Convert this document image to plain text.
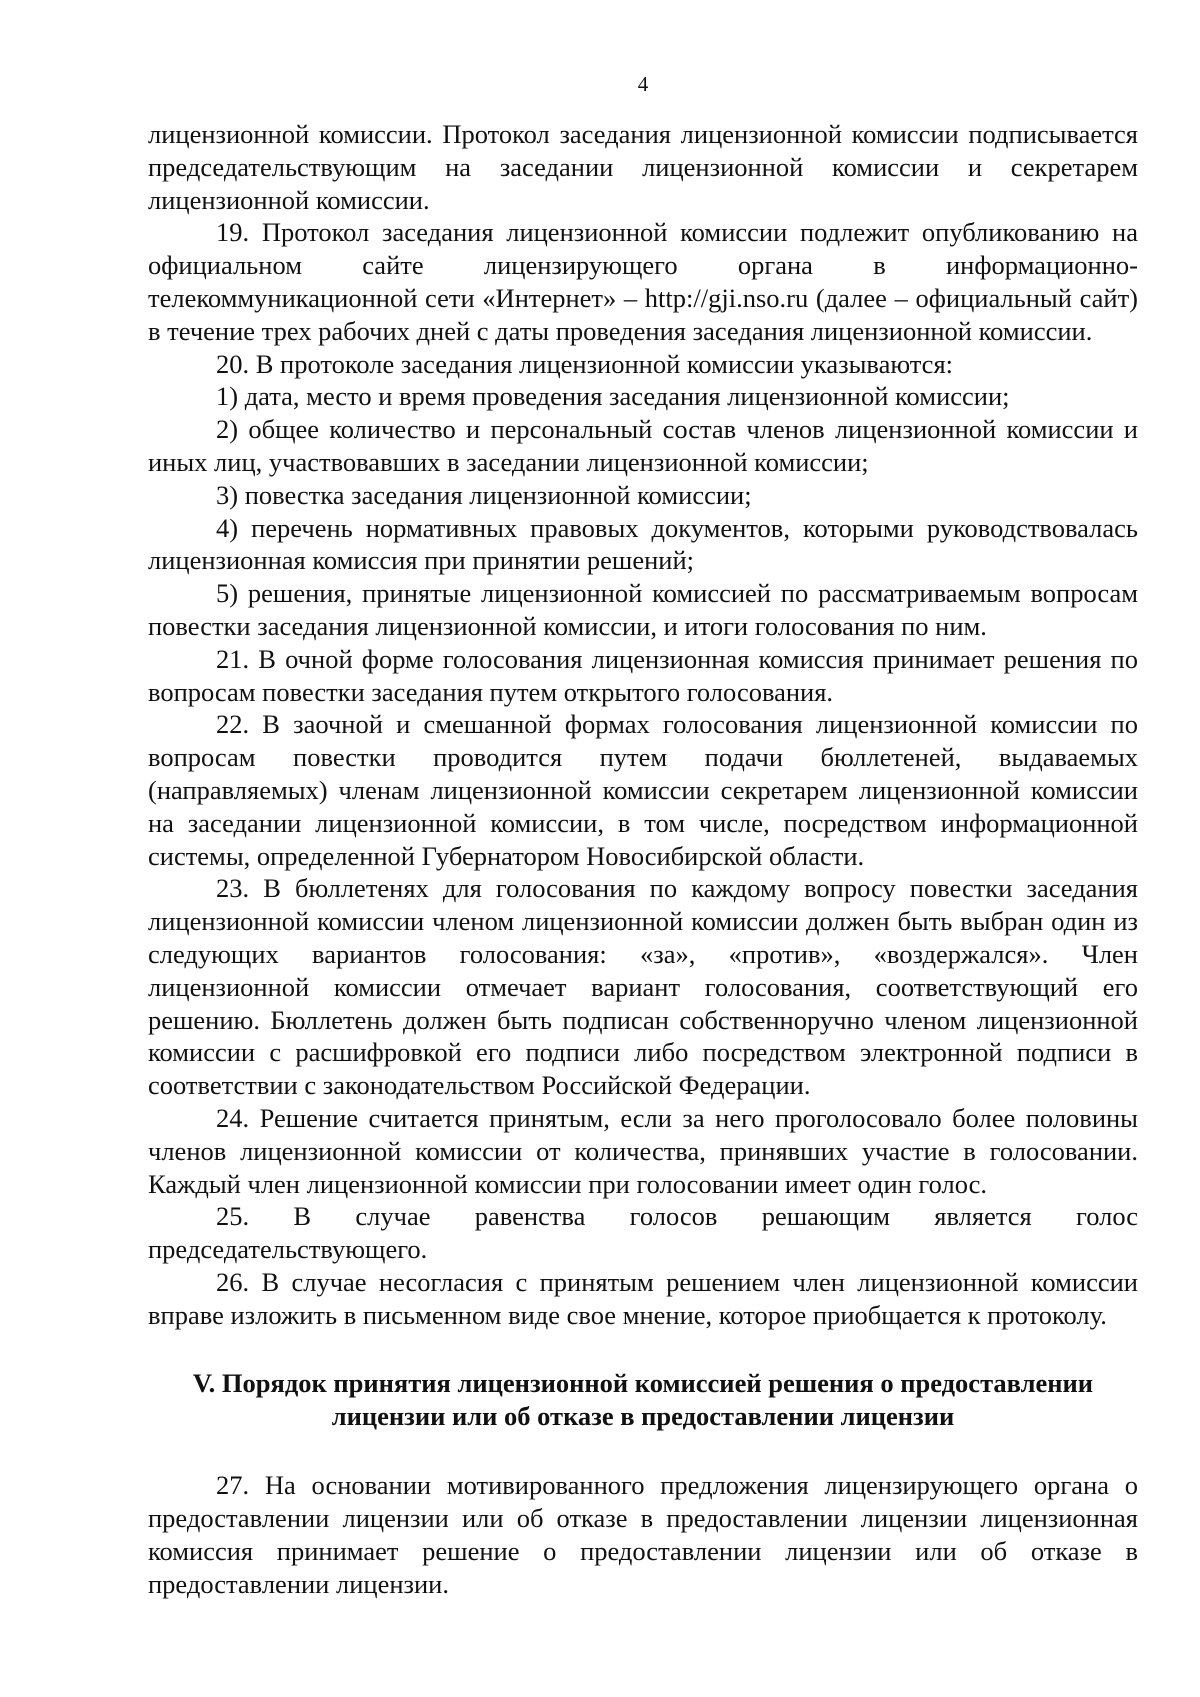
4

лицензионной комиссии. Протокол заседания лицензионной комиссии подписывается председательствующим на заседании лицензионной комиссии и секретарем лицензионной комиссии.

19. Протокол заседания лицензионной комиссии подлежит опубликованию на официальном сайте лицензирующего органа в информационно-телекоммуникационной сети «Интернет» – http://gji.nso.ru (далее – официальный сайт) в течение трех рабочих дней с даты проведения заседания лицензионной комиссии.

20. В протоколе заседания лицензионной комиссии указываются:

1) дата, место и время проведения заседания лицензионной комиссии;

2) общее количество и персональный состав членов лицензионной комиссии и иных лиц, участвовавших в заседании лицензионной комиссии;

3) повестка заседания лицензионной комиссии;

4) перечень нормативных правовых документов, которыми руководствовалась лицензионная комиссия при принятии решений;

5) решения, принятые лицензионной комиссией по рассматриваемым вопросам повестки заседания лицензионной комиссии, и итоги голосования по ним.

21. В очной форме голосования лицензионная комиссия принимает решения по вопросам повестки заседания путем открытого голосования.

22. В заочной и смешанной формах голосования лицензионной комиссии по вопросам повестки проводится путем подачи бюллетеней, выдаваемых (направляемых) членам лицензионной комиссии секретарем лицензионной комиссии на заседании лицензионной комиссии, в том числе, посредством информационной системы, определенной Губернатором Новосибирской области.

23. В бюллетенях для голосования по каждому вопросу повестки заседания лицензионной комиссии членом лицензионной комиссии должен быть выбран один из следующих вариантов голосования: «за», «против», «воздержался». Член лицензионной комиссии отмечает вариант голосования, соответствующий его решению. Бюллетень должен быть подписан собственноручно членом лицензионной комиссии с расшифровкой его подписи либо посредством электронной подписи в соответствии с законодательством Российской Федерации.

24. Решение считается принятым, если за него проголосовало более половины членов лицензионной комиссии от количества, принявших участие в голосовании. Каждый член лицензионной комиссии при голосовании имеет один голос.

25. В случае равенства голосов решающим является голос председательствующего.

26. В случае несогласия с принятым решением член лицензионной комиссии вправе изложить в письменном виде свое мнение, которое приобщается к протоколу.

V. Порядок принятия лицензионной комиссией решения о предоставлении
лицензии или об отказе в предоставлении лицензии

27. На основании мотивированного предложения лицензирующего органа о предоставлении лицензии или об отказе в предоставлении лицензии лицензионная комиссия принимает решение о предоставлении лицензии или об отказе в предоставлении лицензии.
